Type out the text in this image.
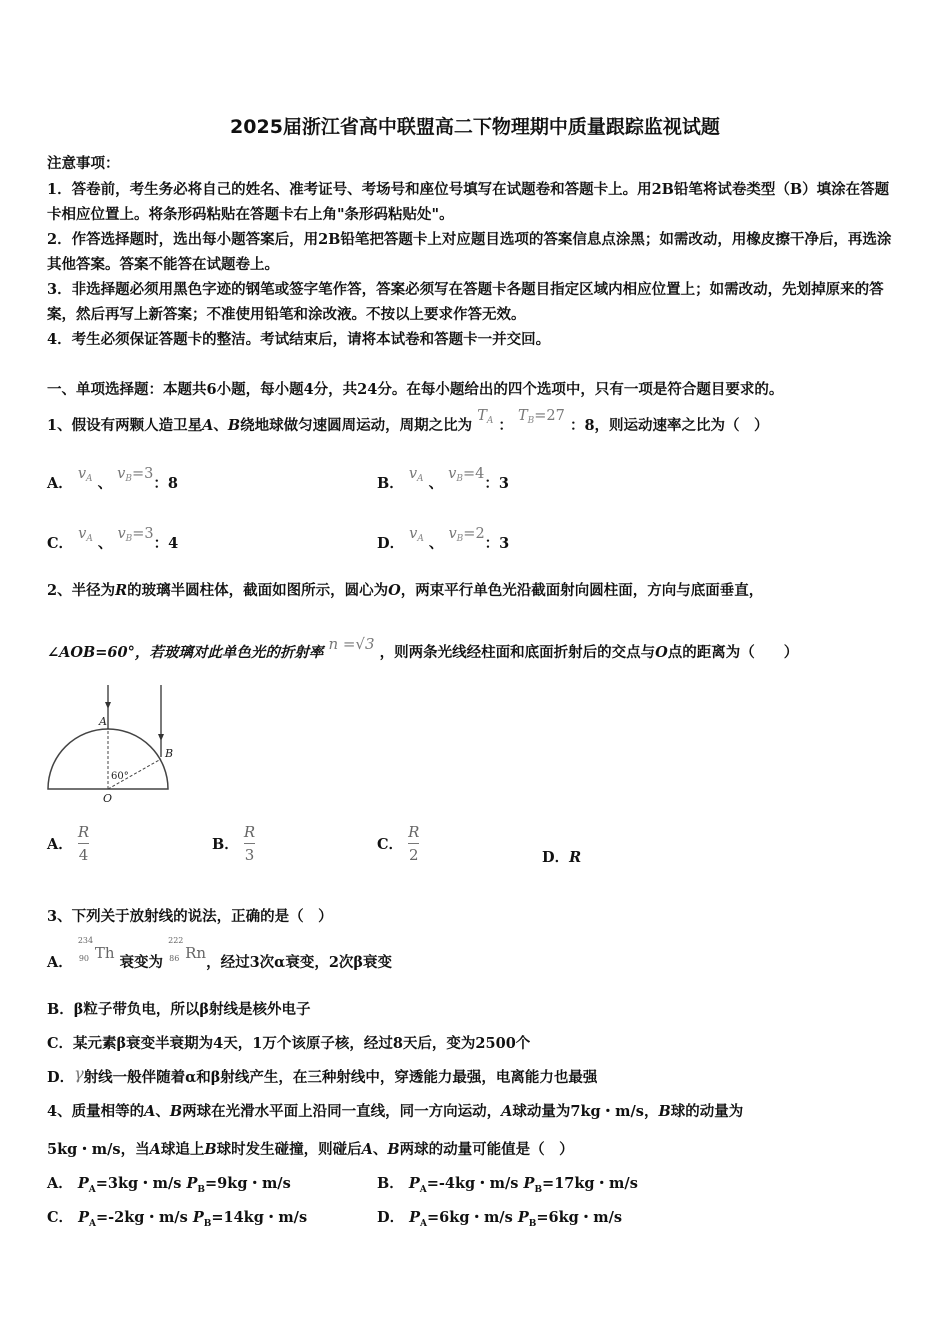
2025届浙江省高中联盟高二下物理期中质量跟踪监视试题
注意事项：
1．答卷前，考生务必将自己的姓名、准考证号、考场号和座位号填写在试题卷和答题卡上。用2B铅笔将试卷类型（B）填涂在答题卡相应位置上。将条形码粘贴在答题卡右上角"条形码粘贴处"。
2．作答选择题时，选出每小题答案后，用2B铅笔把答题卡上对应题目选项的答案信息点涂黑；如需改动，用橡皮擦干净后，再选涂其他答案。答案不能答在试题卷上。
3．非选择题必须用黑色字迹的钢笔或签字笔作答，答案必须写在答题卡各题目指定区域内相应位置上；如需改动，先划掉原来的答案，然后再写上新答案；不准使用铅笔和涂改液。不按以上要求作答无效。
4．考生必须保证答题卡的整洁。考试结束后，请将本试卷和答题卡一并交回。
一、单项选择题：本题共6小题，每小题4分，共24分。在每小题给出的四个选项中，只有一项是符合题目要求的。
1、假设有两颗人造卫星A、B绕地球做匀速圆周运动，周期之比为 $T_A$ ： $T_B=27$ ：8，则运动速率之比为（　）
A． $v_A$ 、 $v_B=3$：8	B． $v_A$ 、 $v_B=4$：3
C． $v_A$ 、 $v_B=3$：4	D． $v_A$ 、 $v_B=2$：3
2、半径为R的玻璃半圆柱体，截面如图所示，圆心为O，两束平行单色光沿截面射向圆柱面，方向与底面垂直，
∠AOB=60°，若玻璃对此单色光的折射率 n =√3 ，则两条光线经柱面和底面折射后的交点与O点的距离为（　　）
A
B
O
60°
A． $\frac{R}{4}$	B． $\frac{R}{3}$	C． $\frac{R}{2}$	D．R
3、下列关于放射线的说法，正确的是（　）
A．
234
90 Th 衰变为
222
86 Rn，经过3次α衰变，2次β衰变
B．β粒子带负电，所以β射线是核外电子
C．某元素β衰变半衰期为4天，1万个该原子核，经过8天后，变为2500个
D．γ射线一般伴随着α和β射线产生，在三种射线中，穿透能力最强，电离能力也最强
4、质量相等的A、B两球在光滑水平面上沿同一直线，同一方向运动，A球动量为7kg・m/s，B球的动量为
5kg・m/s，当A球追上B球时发生碰撞，则碰后A、B两球的动量可能值是（　）
A． $P_A=3kg$・m/s $P_B=9kg$・m/s	B． $P_A=-4kg$・m/s $P_B=17kg$・m/s
C． $P_A=-2kg$・m/s $P_B=14kg$・m/s	D． $P_A=6kg$・m/s $P_B=6kg$・m/s
